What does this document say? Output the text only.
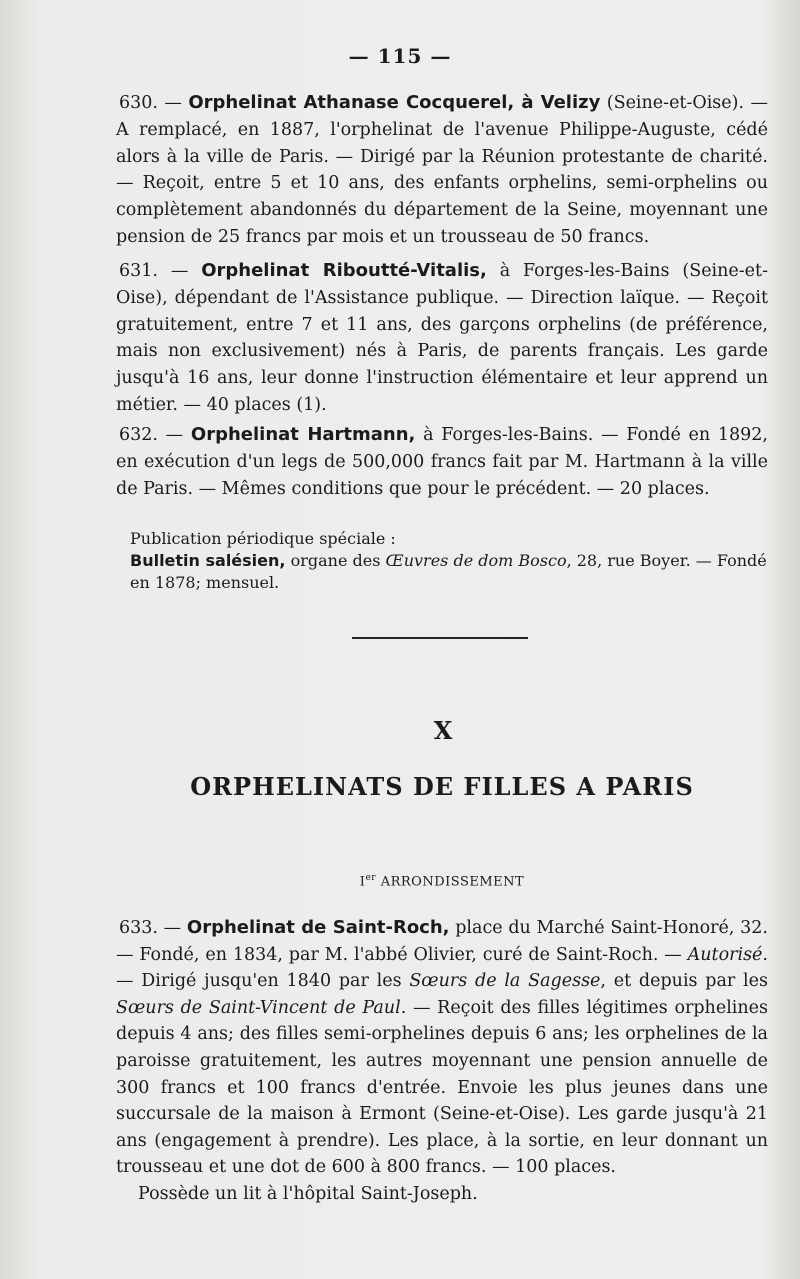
— 115 —
630. — Orphelinat Athanase Cocquerel, à Velizy (Seine-et-Oise). — A remplacé, en 1887, l'orphelinat de l'avenue Philippe-Auguste, cédé alors à la ville de Paris. — Dirigé par la Réunion protestante de charité. — Reçoit, entre 5 et 10 ans, des enfants orphelins, semi-orphelins ou complètement abandonnés du département de la Seine, moyennant une pension de 25 francs par mois et un trousseau de 50 francs.
631. — Orphelinat Riboutté-Vitalis, à Forges-les-Bains (Seine-et-Oise), dépendant de l'Assistance publique. — Direction laïque. — Reçoit gratuitement, entre 7 et 11 ans, des garçons orphelins (de préférence, mais non exclusivement) nés à Paris, de parents français. Les garde jusqu'à 16 ans, leur donne l'instruction élémentaire et leur apprend un métier. — 40 places (1).
632. — Orphelinat Hartmann, à Forges-les-Bains. — Fondé en 1892, en exécution d'un legs de 500,000 francs fait par M. Hartmann à la ville de Paris. — Mêmes conditions que pour le précédent. — 20 places.
Publication périodique spéciale :
Bulletin salésien, organe des Œuvres de dom Bosco, 28, rue Boyer. — Fondé en 1878; mensuel.
X
ORPHELINATS DE FILLES A PARIS
Ier ARRONDISSEMENT
633. — Orphelinat de Saint-Roch, place du Marché Saint-Honoré, 32. — Fondé, en 1834, par M. l'abbé Olivier, curé de Saint-Roch. — Autorisé. — Dirigé jusqu'en 1840 par les Sœurs de la Sagesse, et depuis par les Sœurs de Saint-Vincent de Paul. — Reçoit des filles légitimes orphelines depuis 4 ans; des filles semi-orphelines depuis 6 ans; les orphelines de la paroisse gratuitement, les autres moyennant une pension annuelle de 300 francs et 100 francs d'entrée. Envoie les plus jeunes dans une succursale de la maison à Ermont (Seine-et-Oise). Les garde jusqu'à 21 ans (engagement à prendre). Les place, à la sortie, en leur donnant un trousseau et une dot de 600 à 800 francs. — 100 places.
Possède un lit à l'hôpital Saint-Joseph.
